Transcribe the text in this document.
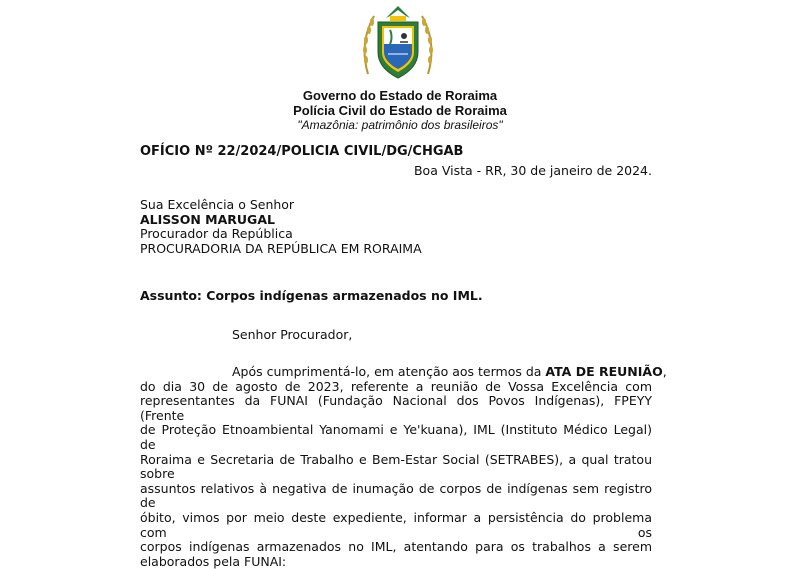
Governo do Estado de Roraima
Polícia Civil do Estado de Roraima
"Amazônia: patrimônio dos brasileiros"
OFÍCIO Nº 22/2024/POLICIA CIVIL/DG/CHGAB
Boa Vista - RR, 30 de janeiro de 2024.
Sua Excelência o Senhor
ALISSON MARUGAL
Procurador da República
PROCURADORIA DA REPÚBLICA EM RORAIMA
Assunto: Corpos indígenas armazenados no IML.
Senhor Procurador,
Após cumprimentá-lo, em atenção aos termos da ATA DE REUNIÃO,
do dia 30 de agosto de 2023, referente a reunião de Vossa Excelência com
representantes da FUNAI (Fundação Nacional dos Povos Indígenas), FPEYY (Frente
de Proteção Etnoambiental Yanomami e Ye'kuana), IML (Instituto Médico Legal) de
Roraima e Secretaria de Trabalho e Bem-Estar Social (SETRABES), a qual tratou sobre
assuntos relativos à negativa de inumação de corpos de indígenas sem registro de
óbito, vimos por meio deste expediente, informar a persistência do problema com os
corpos indígenas armazenados no IML, atentando para os trabalhos a serem
elaborados pela FUNAI:
